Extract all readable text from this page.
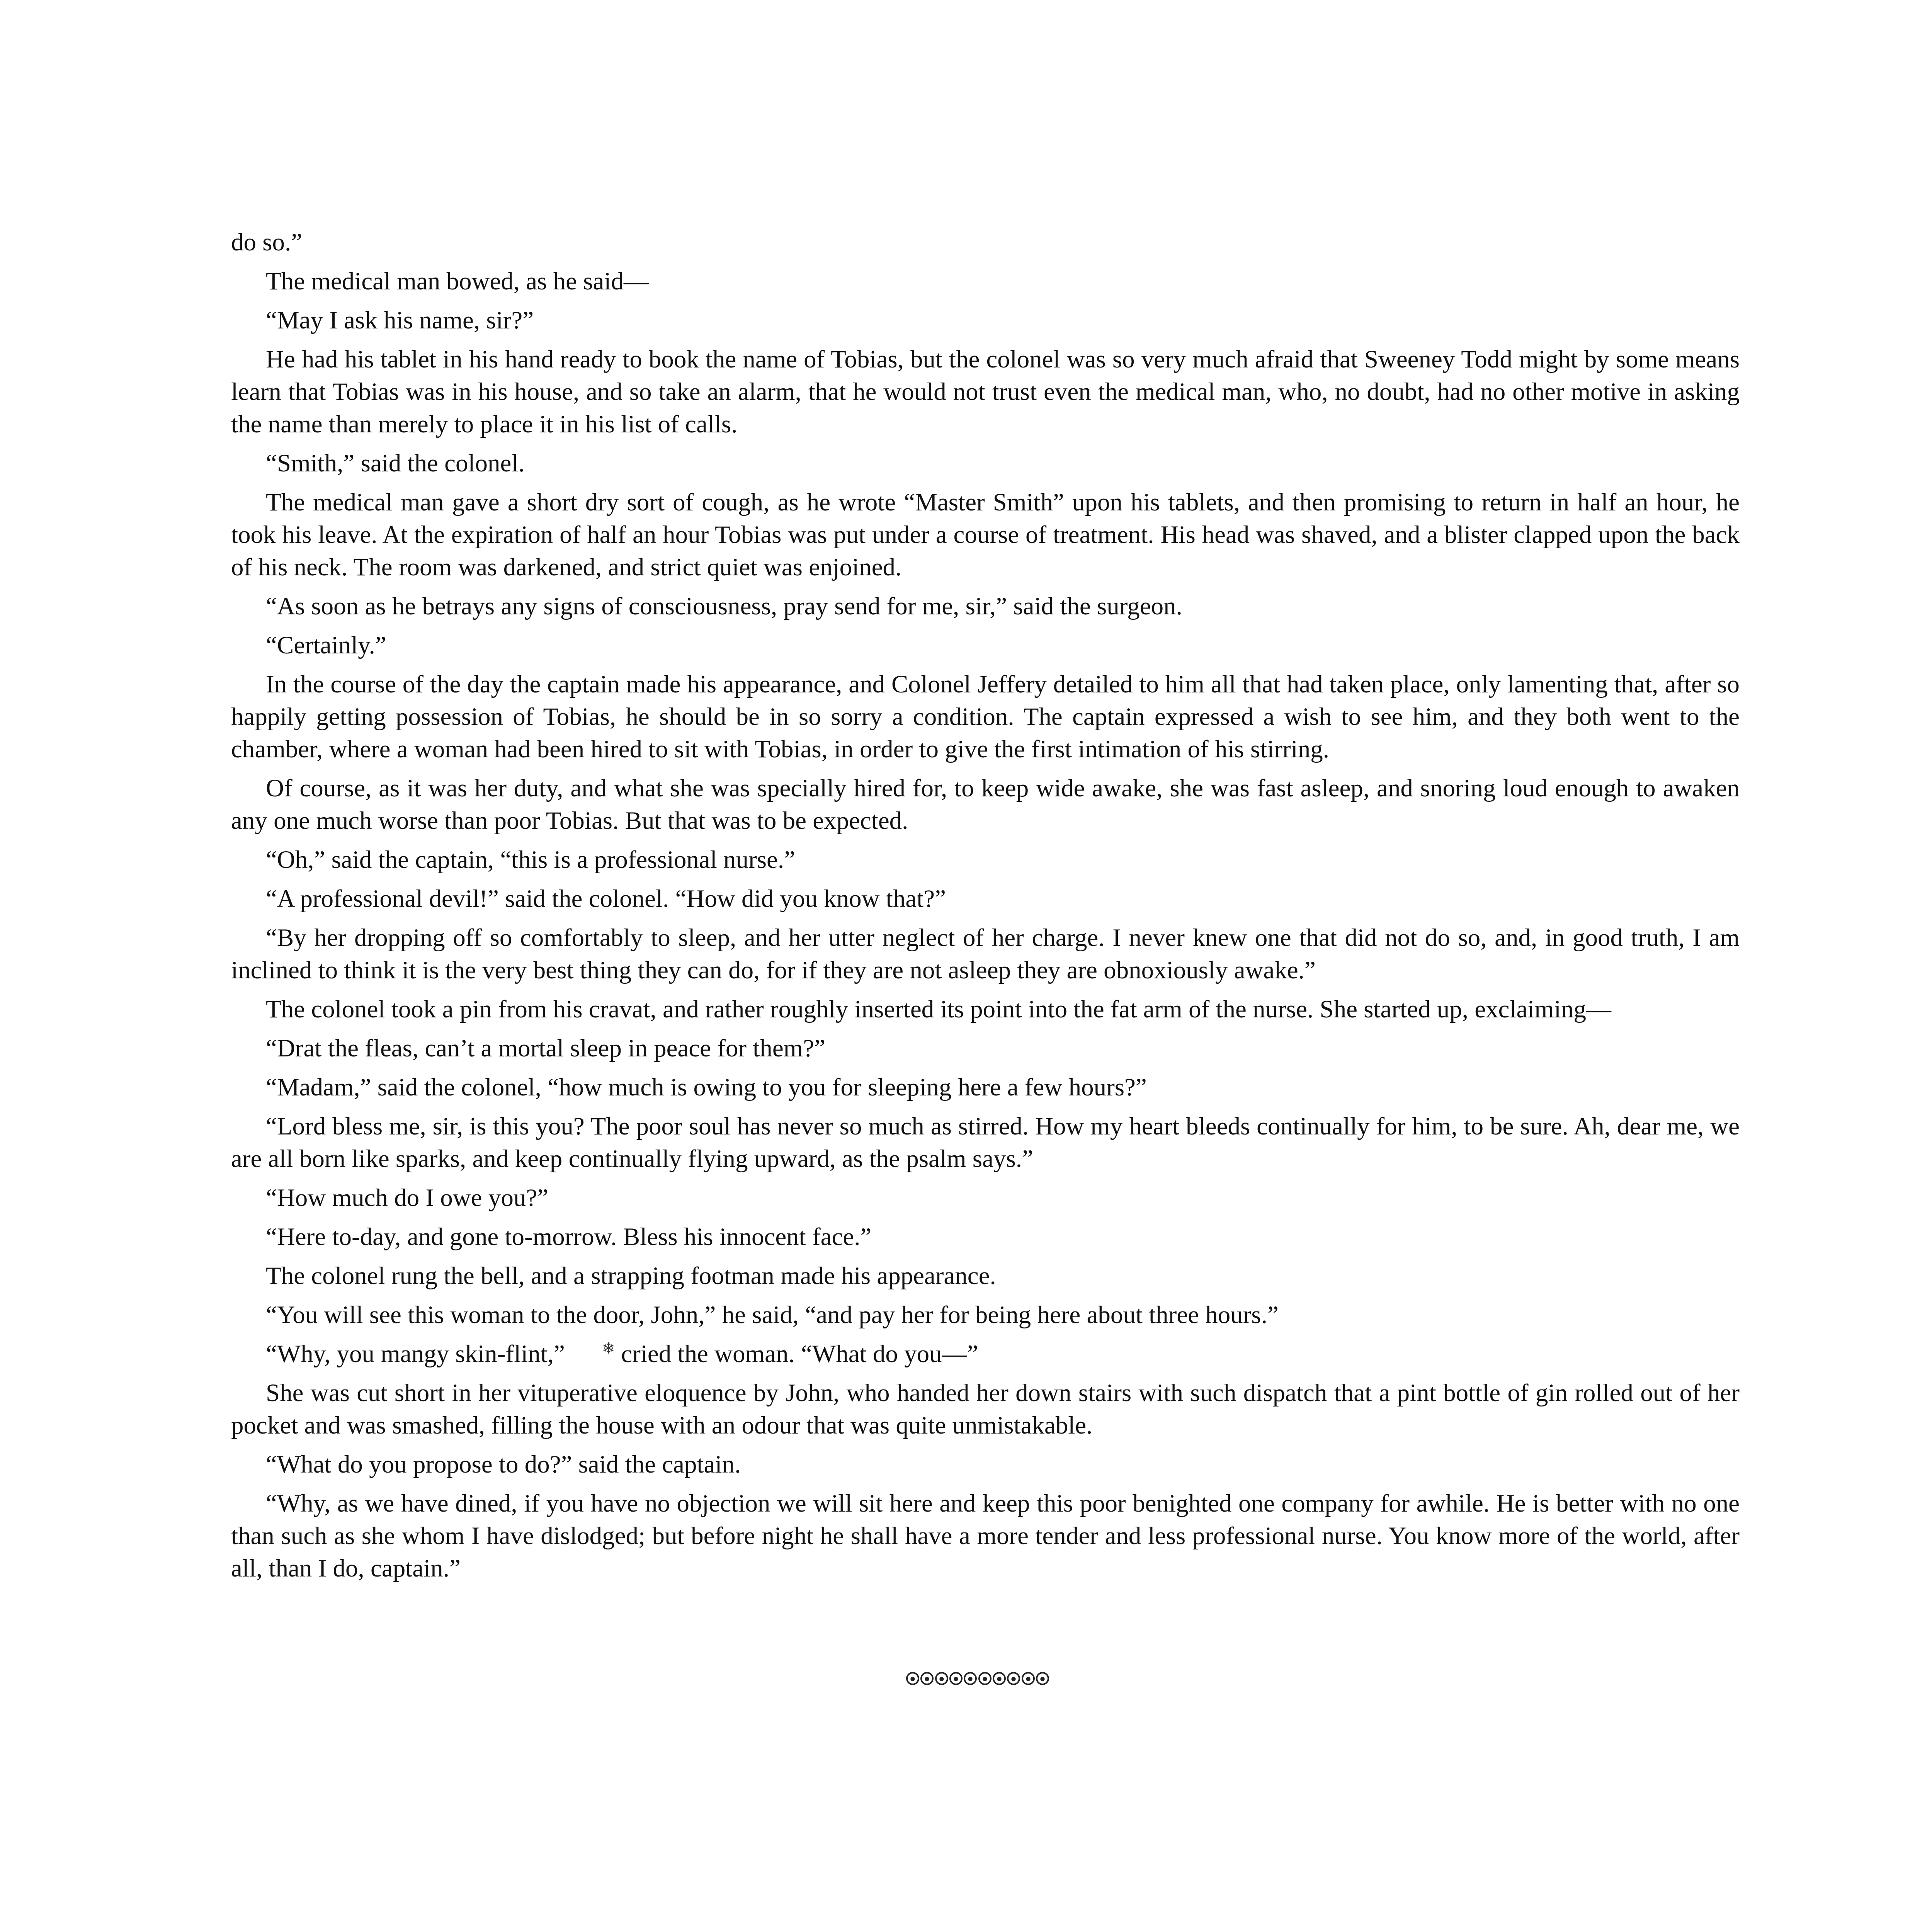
do so.”

The medical man bowed, as he said—

“May I ask his name, sir?”

He had his tablet in his hand ready to book the name of Tobias, but the colonel was so very much afraid that Sweeney Todd might by some means learn that Tobias was in his house, and so take an alarm, that he would not trust even the medical man, who, no doubt, had no other motive in asking the name than merely to place it in his list of calls.

“Smith,” said the colonel.

The medical man gave a short dry sort of cough, as he wrote “Master Smith” upon his tablets, and then promising to return in half an hour, he took his leave. At the expiration of half an hour Tobias was put under a course of treatment. His head was shaved, and a blister clapped upon the back of his neck. The room was darkened, and strict quiet was enjoined.

“As soon as he betrays any signs of consciousness, pray send for me, sir,” said the surgeon.

“Certainly.”

In the course of the day the captain made his appearance, and Colonel Jeffery detailed to him all that had taken place, only lamenting that, after so happily getting possession of Tobias, he should be in so sorry a condition. The captain expressed a wish to see him, and they both went to the chamber, where a woman had been hired to sit with Tobias, in order to give the first intimation of his stirring.

Of course, as it was her duty, and what she was specially hired for, to keep wide awake, she was fast asleep, and snoring loud enough to awaken any one much worse than poor Tobias. But that was to be expected.

“Oh,” said the captain, “this is a professional nurse.”

“A professional devil!” said the colonel. “How did you know that?”

“By her dropping off so comfortably to sleep, and her utter neglect of her charge. I never knew one that did not do so, and, in good truth, I am inclined to think it is the very best thing they can do, for if they are not asleep they are obnoxiously awake.”

The colonel took a pin from his cravat, and rather roughly inserted its point into the fat arm of the nurse. She started up, exclaiming—

“Drat the fleas, can’t a mortal sleep in peace for them?”

“Madam,” said the colonel, “how much is owing to you for sleeping here a few hours?”

“Lord bless me, sir, is this you? The poor soul has never so much as stirred. How my heart bleeds continually for him, to be sure. Ah, dear me, we are all born like sparks, and keep continually flying upward, as the psalm says.”

“How much do I owe you?”

“Here to-day, and gone to-morrow. Bless his innocent face.”

The colonel rung the bell, and a strapping footman made his appearance.

“You will see this woman to the door, John,” he said, “and pay her for being here about three hours.”

“Why, you mangy skin-flint,” ❄ cried the woman. “What do you—”

She was cut short in her vituperative eloquence by John, who handed her down stairs with such dispatch that a pint bottle of gin rolled out of her pocket and was smashed, filling the house with an odour that was quite unmistakable.

“What do you propose to do?” said the captain.

“Why, as we have dined, if you have no objection we will sit here and keep this poor benighted one company for awhile. He is better with no one than such as she whom I have dislodged; but before night he shall have a more tender and less professional nurse. You know more of the world, after all, than I do, captain.”
